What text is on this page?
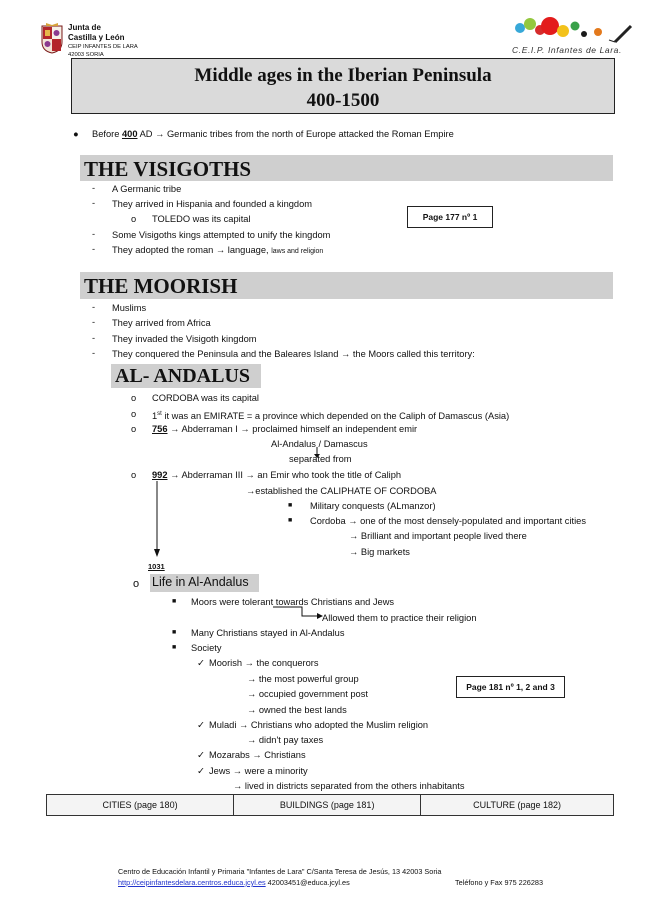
Junta de
Castilla y León
CEIP INFANTES DE LARA
42003 SORIA	C.E.I.P. Infantes de Lara.
Middle ages in the Iberian Peninsula
400-1500
● Before 400 AD → Germanic tribes from the north of Europe attacked the Roman Empire
THE VISIGOTHS
- A Germanic tribe
- They arrived in Hispania and founded a kingdom
o TOLEDO was its capital
- Some Visigoths kings attempted to unify the kingdom
- They adopted the roman → language, laws and religion
Page 177 nº 1
THE MOORISH
- Muslims
- They arrived from Africa
- They invaded the Visigoth kingdom
- They conquered the Peninsula and the Baleares Island → the Moors called this territory:
AL- ANDALUS
o CORDOBA was its capital
o 1st it was an EMIRATE = a province which depended on the Caliph of Damascus (Asia)
o 756 → Abderraman I → proclaimed himself an independent emir
Al-Andalus / Damascus
separated from
o 992 → Abderraman III → an Emir who took the title of Caliph
→established the CALIPHATE OF CORDOBA
■ Military conquests (ALmanzor)
■ Cordoba → one of the most densely-populated and important cities
→ Brilliant and important people lived there
→ Big markets
1031
o Life in Al-Andalus
■ Moors were tolerant towards Christians and Jews
Allowed them to practice their religion
■ Many Christians stayed in Al-Andalus
■ Society
✓ Moorish → the conquerors
→ the most powerful group
→ occupied government post
→ owned the best lands
✓ Muladi → Christians who adopted the Muslim religion
→ didn't pay taxes
✓ Mozarabs → Christians
✓ Jews → were a minority
→ lived in districts separated from the others inhabitants
Page 181 nº 1, 2 and 3
CITIES (page 180)	BUILDINGS (page 181)	CULTURE (page 182)
Centro de Educación Infantil y Primaria "Infantes de Lara" C/Santa Teresa de Jesús, 13 42003 Soria
http://ceipinfantesdelara.centros.educa.jcyl.es 42003451@educa.jcyl.es	Teléfono y Fax 975 226283
